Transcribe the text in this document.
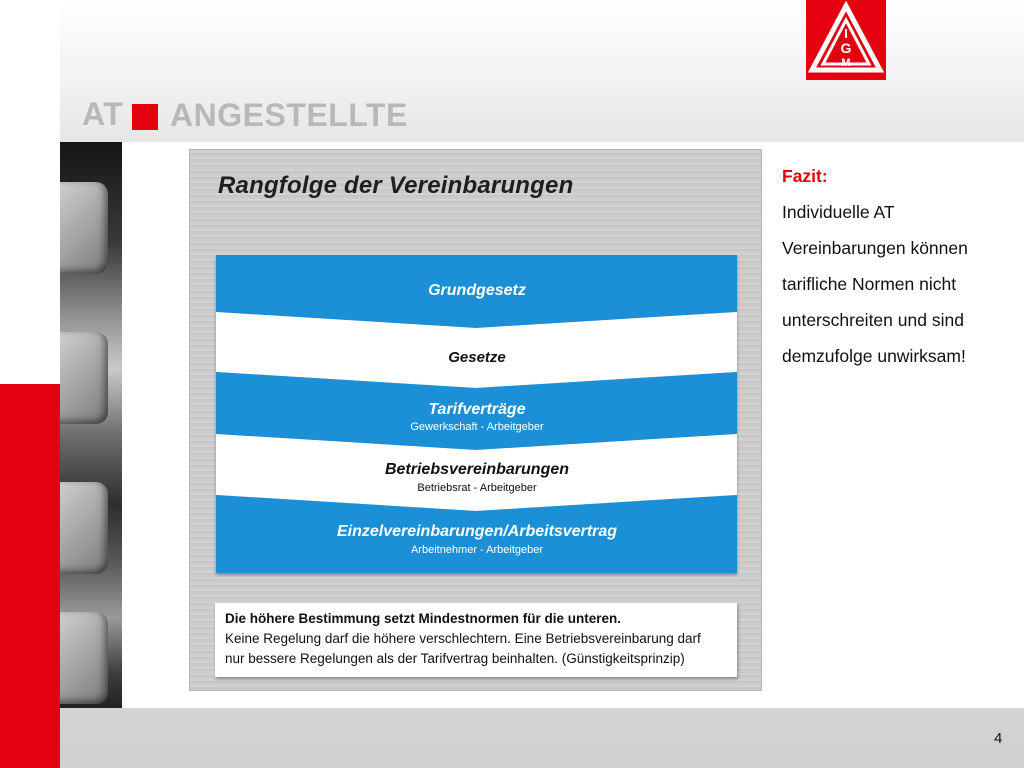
I
G
M
AT ANGESTELLTE
Rangfolge der Vereinbarungen
Grundgesetz
Gesetze
Tarifverträge
Gewerkschaft - Arbeitgeber
Betriebsvereinbarungen
Betriebsrat - Arbeitgeber
Einzelvereinbarungen/Arbeitsvertrag
Arbeitnehmer - Arbeitgeber
Die höhere Bestimmung setzt Mindestnormen für die unteren.
Keine Regelung darf die höhere verschlechtern. Eine Betriebsvereinbarung darf
nur bessere Regelungen als der Tarifvertrag beinhalten. (Günstigkeitsprinzip)
Fazit:
Individuelle AT
Vereinbarungen können
tarifliche Normen nicht
unterschreiten und sind
demzufolge unwirksam!
4
